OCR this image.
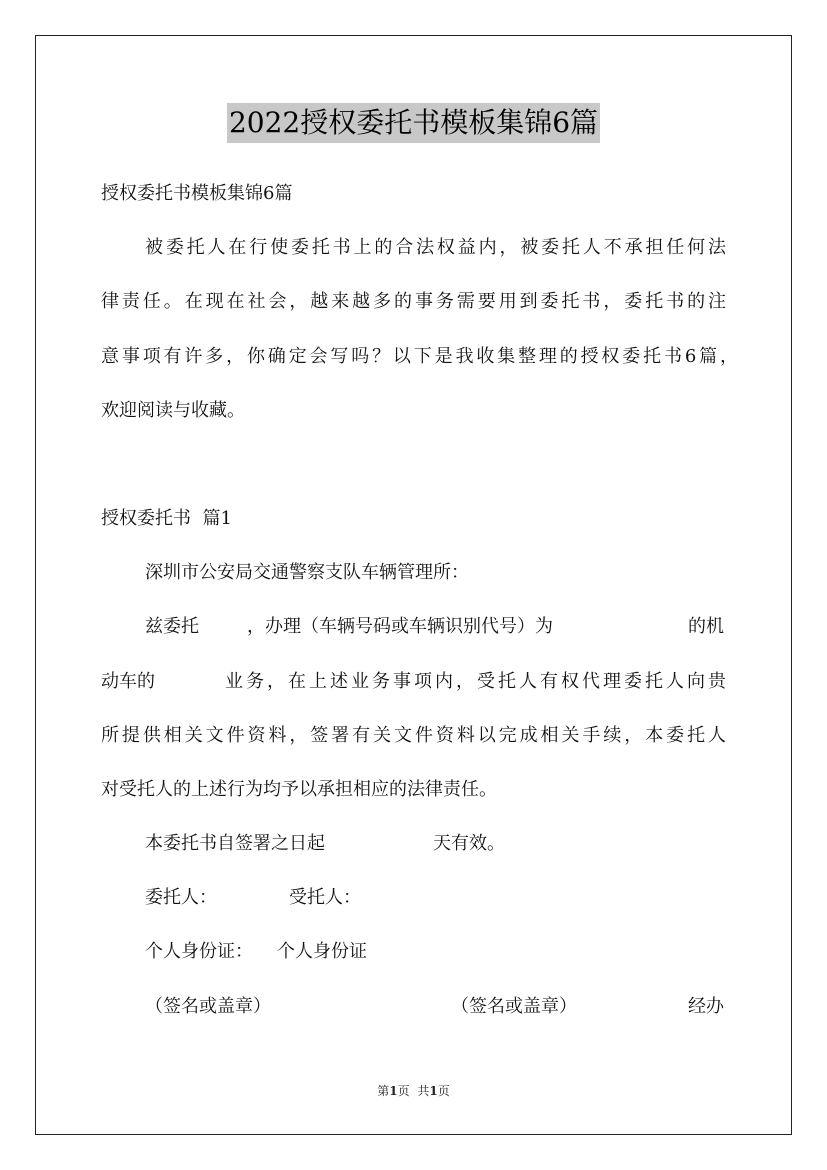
2022授权委托书模板集锦6篇
授权委托书模板集锦6篇
被委托人在行使委托书上的合法权益内，被委托人不承担任何法
律责任。在现在社会，越来越多的事务需要用到委托书，委托书的注
意事项有许多，你确定会写吗？以下是我收集整理的授权委托书6篇，
欢迎阅读与收藏。
授权委托书  篇1
深圳市公安局交通警察支队车辆管理所：
兹委托	，办理（车辆号码或车辆识别代号）为	的机
动车的	业务，在上述业务事项内，受托人有权代理委托人向贵
所提供相关文件资料，签署有关文件资料以完成相关手续，本委托人
对受托人的上述行为均予以承担相应的法律责任。
本委托书自签署之日起	天有效。
委托人：	受托人：
个人身份证： 个人身份证
（签名或盖章）	（签名或盖章）	经办
第1页 共1页
